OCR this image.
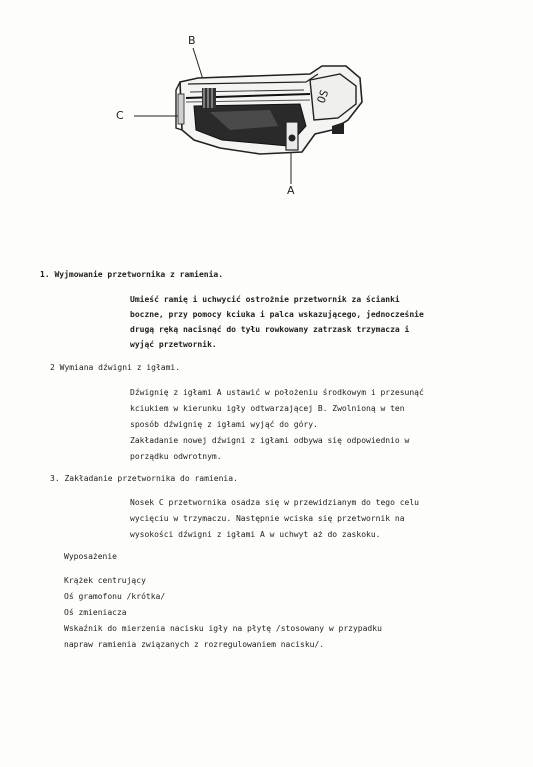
OS
B
C
A
1. Wyjmowanie przetwornika z ramienia.
Umieść ramię i uchwycić ostrożnie przetwornik za ścianki
boczne, przy pomocy kciuka i palca wskazującego, jednocześnie
drugą ręką nacisnąć do tyłu rowkowany zatrzask trzymacza i
wyjąć przetwornik.
2 Wymiana dźwigni z igłami.
Dźwignię z igłami A ustawić w położeniu środkowym i przesunąć
kciukiem w kierunku igły odtwarzającej B. Zwolnioną w ten
sposób dźwignię z igłami wyjąć do góry.
Zakładanie nowej dźwigni z igłami odbywa się odpowiednio w
porządku odwrotnym.
3. Zakładanie przetwornika do ramienia.
Nosek C przetwornika osadza się w przewidzianym do tego celu
wycięciu w trzymaczu. Następnie wciska się przetwornik na
wysokości dźwigni z igłami A w uchwyt aż do zaskoku.
Wyposażenie
Krążek centrujący
Oś gramofonu /krótka/
Oś zmieniacza
Wskaźnik do mierzenia nacisku igły na płytę /stosowany w przypadku
napraw ramienia związanych z rozregulowaniem nacisku/.
